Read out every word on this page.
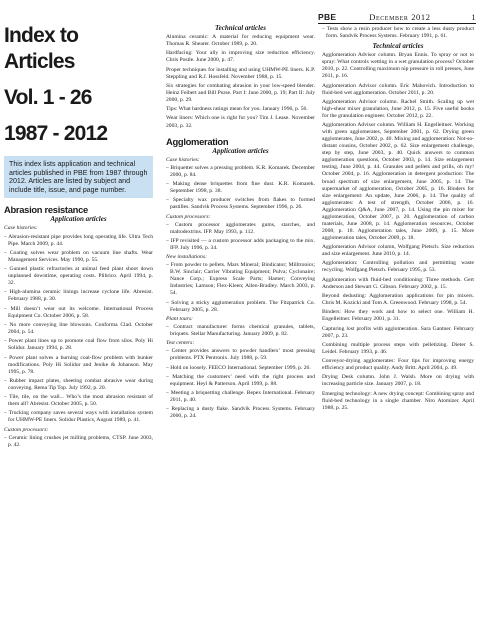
PBE	December 2012	1
Index to
Articles
Vol. 1 - 26
1987 - 2012
This index lists application and technical articles published in PBE from 1987 through 2012. Articles are listed by subject and include title, issue, and page number.
Abrasion resistance
Application articles
Case histories:
– Abrasion-resistant pipe provides long operating life. Ultra Tech Pipe. March 2009, p. 44.
– Coating solves wear problem on vacuum line shafts. Wear Management Services. May 1990, p. 55.
– Gunned plastic refractories at animal feed plant shoot down unplanned downtime, operating costs. Plibrico. April 1994, p. 32.
– High-alumina ceramic linings increase cyclone life. Abresist. February 1988, p. 30.
– Mill doesn’t wear out its welcome. International Process Equipment Co. October 2006, p. 58.
– No more conveying line blowouts. Conforma Clad. October 2004, p. 54.
– Power plant lines up to promote coal flow from silos. Poly Hi Solidur. January 1994, p. 28.
– Power plant solves a burning coal-flow problem with bunker modifications. Poly Hi Solidur and Jenike & Johanson. May 1995, p. 78.
– Rubber impact plates, sheeting combat abrasive wear during conveying. Rema Tip Top. July 1992, p. 20.
– Tile, tile, on the wall... Who’s the most abrasion resistant of them all? Abresist. October 2005, p. 50.
– Trucking company saves several ways with installation system for UHMW-PE liners. Solidur Plastics, August 1989, p. 41.
Custom processors:
– Ceramic lining crushes jet milling problems, CTSP. June 2003, p. 42.
Technical articles
Alumina ceramic: A material for reducing equipment wear. Thomas R. Shearer. October 1989, p. 20.
Hardfacing: Your ally in improving size reduction efficiency. Chris Postle. June 2000, p. 47.
Proper techniques for installing and using UHMW-PE liners. K.P. Steppling and R.J. Hossfeld. November 1988, p. 15.
Six strategies for combating abrasion in your low-speed blender. Heinz Feibert and Bill Purse. Part I: June 2000, p. 19; Part II: July 2000, p. 29.
Tips: What hardness ratings mean for you. January 1996, p. 56.
Wear liners: Which one is right for you? Tim J. Lease. November 2003, p. 32.
Agglomeration
Application articles
Case histories:
– Briquetter solves a pressing problem. K.R. Komarek. December 2000, p. 84.
– Making dense briquettes from fine dust. K.R. Komarek. September 1998, p. 38.
– Specialty wax producer switches from flakes to formed pastilles. Sandvik Process Systems. September 1996, p. 26.
Custom processors:
– Custom processor agglomerates gums, starches, and maltodextrins. IFP. May 1993, p. 112.
– IFP revisited — a custom processor adds packaging to the mix. IFP. July 1996, p. 34.
New installations:
– From powder to pellets. Mars Mineral; Bindicator; Milltronics; B.W. Sinclair; Carrier Vibrating Equipment; Pulva; Cyclonaire; Nance Corp.; Express Scale Parts; Hamer; Conveying Industries; Lamson; Flex-Kleen; Allen-Bradley. March 2003, p. 54.
– Solving a sticky agglomeration problem. The Fitzpatrick Co. February 2005, p. 28.
Plant tours:
– Contract manufacturer forms chemical granules, tablets, briquets. Stellar Manufacturing. January 2009, p. 82.
Test centers:
– Center provides answers to powder handlers’ most pressing problems. PTX Pentronix. July 1988, p. 59.
– Hold on loosely. FEECO International. September 1999, p. 26.
– Matching the customers’ need with the right process and equipment. Heyl & Patterson. April 1999, p. 88.
– Meeting a briquetting challenge. Bepex International. February 2011, p. 40.
– Replacing a dusty flake. Sandvik Process Systems. February 2000, p. 24.
– Tests show a resin producer how to create a less dusty product form. Sandvik Process Systems. February 1991, p. 61.
Technical articles
Agglomeration Advisor column. Bryan Ennis. To spray or not to spray: What controls wetting in a wet granulation process? October 2010, p. 22. Controlling maximum nip pressure in roll presses, June 2011, p. 16.
Agglomeration Advisor column. Eric Mahovich. Introduction to fluid-bed wet agglomeration. October 2011, p. 20.
Agglomeration Advisor column. Rachel Smith. Scaling up wet high-shear mixer granulation, June 2012, p. 15. Five useful books for the granulation engineer. October 2012, p. 22.
Agglomeration Advisor column. William H. Engelleitner. Working with green agglomerates, September 2001, p. 62. Drying green agglomerates, June 2002, p. 40. Mixing and agglomeration: Not-so-distant cousins, October 2002, p. 62. Size enlargement challenge, step by step, June 2003, p. 40. Quick answers to common agglomeration questions, October 2003, p. 14. Size enlargement testing, June 2004, p. 44. Granules and pellets and prills, oh my! October 2004, p. 16. Agglomeration in detergent production: The broad spectrum of size enlargement, June 2005, p. 14. The supermarket of agglomeration, October 2005, p. 16. Binders for size enlargement: An update, June 2006, p. 14. The quality of agglomerates: A test of strength, October 2006, p. 16. Agglomeration Q&A, June 2007, p. 14. Using the pin mixer for agglomeration, October 2007, p. 20. Agglomeration of carbon materials, June 2008, p. 14. Agglomeration resources, October 2008, p. 18. Agglomeration tales, June 2009, p. 15. More agglomeration tales, October 2009, p. 18.
Agglomeration Advisor column, Wolfgang Pietsch. Size reduction and size enlargement. June 2010, p. 14.
Agglomeration: Controlling pollution and permitting waste recycling. Wolfgang Pietsch. February 1995, p. 53.
Agglomeration with fluid-bed conditioning: Three methods. Gert Anderson and Stewart G. Gibson. February 2002, p. 15.
Beyond dedusting: Agglomeration applications for pin mixers. Chris M. Kozicki and Tom A. Greenwood. February 1998, p. 54.
Binders: How they work and how to select one. William H. Engelleitner. February 2001, p. 31.
Capturing lost profits with agglomeration. Sara Gantner. February 2007, p. 23.
Combining multiple process steps with pelletizing. Dieter S. Leidel. February 1993, p. 46.
Conveyor-drying agglomerates: Four tips for improving energy efficiency and product quality. Andy Britt. April 2004, p. 49.
Drying Desk column. John J. Walsh. More on drying with increasing particle size. January 2007, p. 18.
Emerging technology: A new drying concept: Combining spray and fluid-bed technology in a single chamber. Niro Atomizer. April 1988, p. 25.
